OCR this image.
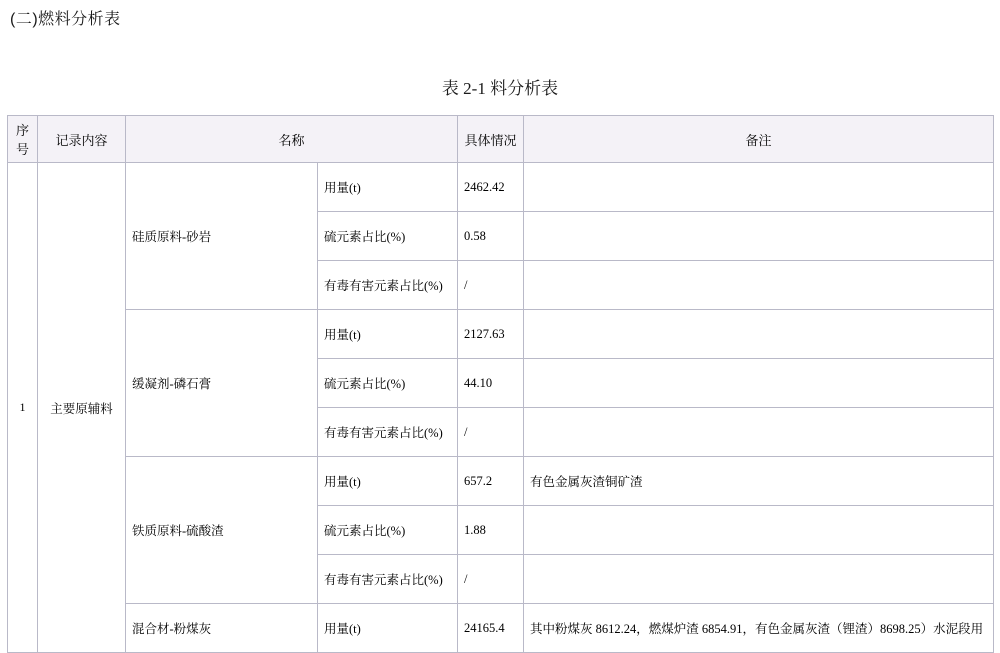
(二)燃料分析表
表 2-1 料分析表
序号	记录内容	名称		具体情况	备注
1	主要原辅料	硅质原料-砂岩	用量(t)	2462.42	
			硫元素占比(%)	0.58	
			有毒有害元素占比(%)	/	
		缓凝剂-磷石膏	用量(t)	2127.63	
			硫元素占比(%)	44.10	
			有毒有害元素占比(%)	/	
		铁质原料-硫酸渣	用量(t)	657.2	有色金属灰渣铜矿渣
			硫元素占比(%)	1.88	
			有毒有害元素占比(%)	/	
		混合材-粉煤灰	用量(t)	24165.4	其中粉煤灰 8612.24，燃煤炉渣 6854.91，有色金属灰渣（锂渣）8698.25）水泥段用
